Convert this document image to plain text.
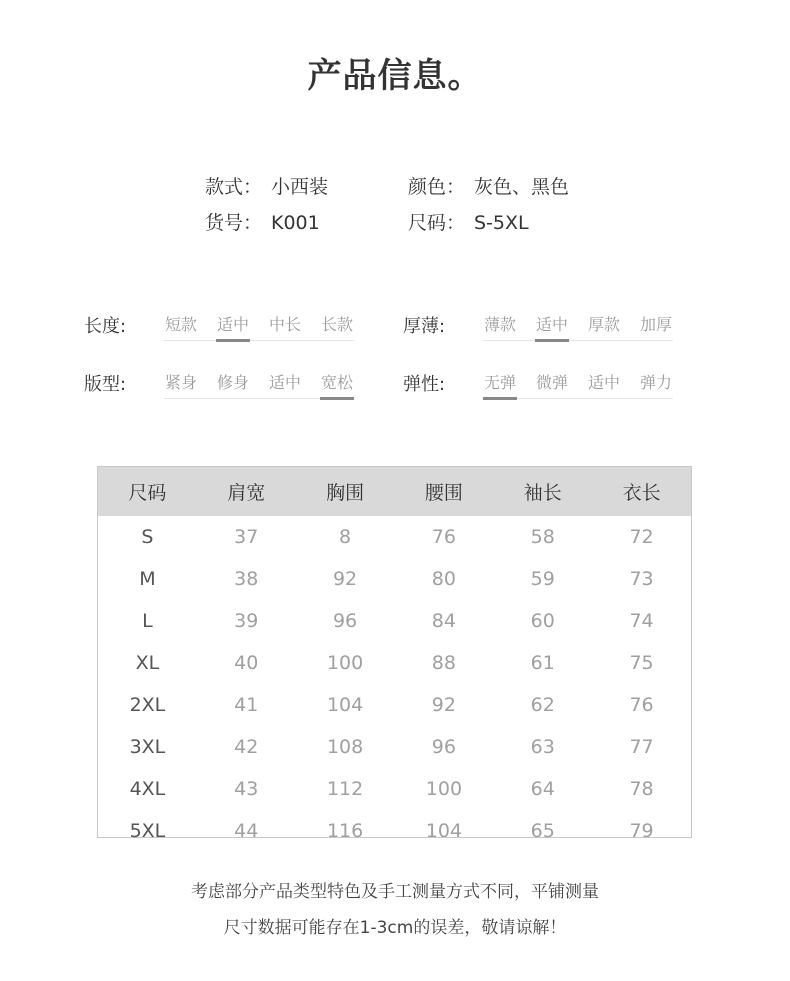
产品信息。
款式： 小西装	颜色： 灰色、黑色
货号： K001	尺码： S-5XL
长度: 短款 适中 中长 长款	厚薄: 薄款 适中 厚款 加厚
版型: 紧身 修身 适中 宽松	弹性: 无弹 微弹 适中 弹力
尺码	肩宽	胸围	腰围	袖长	衣长
S	37	8	76	58	72
M	38	92	80	59	73
L	39	96	84	60	74
XL	40	100	88	61	75
2XL	41	104	92	62	76
3XL	42	108	96	63	77
4XL	43	112	100	64	78
5XL	44	116	104	65	79
考虑部分产品类型特色及手工测量方式不同，平铺测量
尺寸数据可能存在1-3cm的误差，敬请谅解！
